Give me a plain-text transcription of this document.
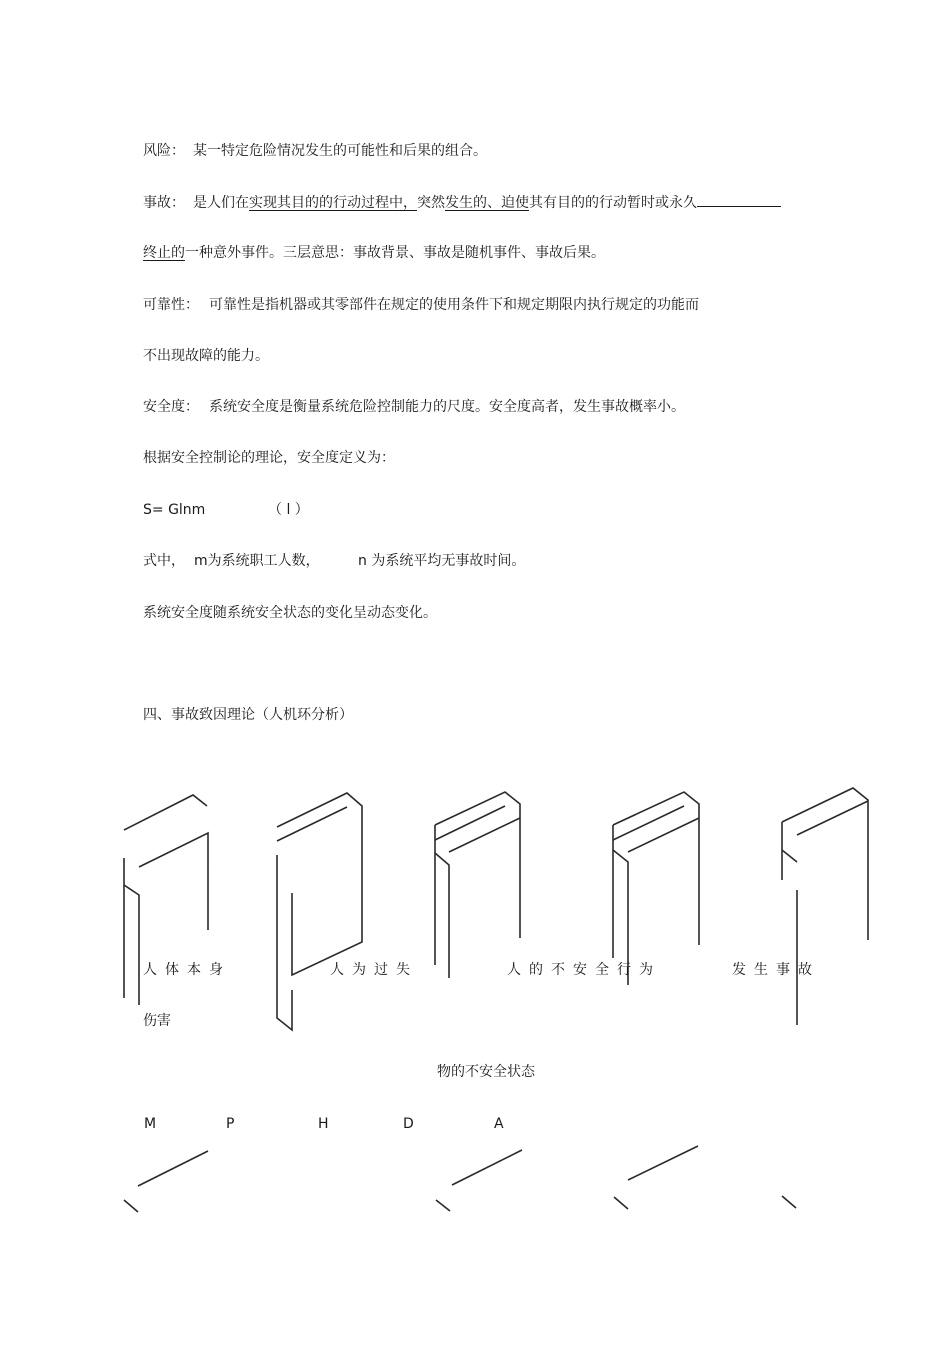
风险： 某一特定危险情况发生的可能性和后果的组合。
事故： 是人们在实现其目的的行动过程中，突然发生的、迫使其有目的的行动暂时或永久
终止的一种意外事件。三层意思：事故背景、事故是随机事件、事故后果。
可靠性： 可靠性是指机器或其零部件在规定的使用条件下和规定期限内执行规定的功能而
不出现故障的能力。
安全度： 系统安全度是衡量系统危险控制能力的尺度。安全度高者，发生事故概率小。
根据安全控制论的理论，安全度定义为：
S= Glnm	（ l ）
式中， m为系统职工人数，	n 为系统平均无事故时间。
系统安全度随系统安全状态的变化呈动态变化。
四、事故致因理论（人机环分析）
人体本身	人为过失	人的不安全行为	发生事故
伤害
物的不安全状态
M	P	H	D	A
